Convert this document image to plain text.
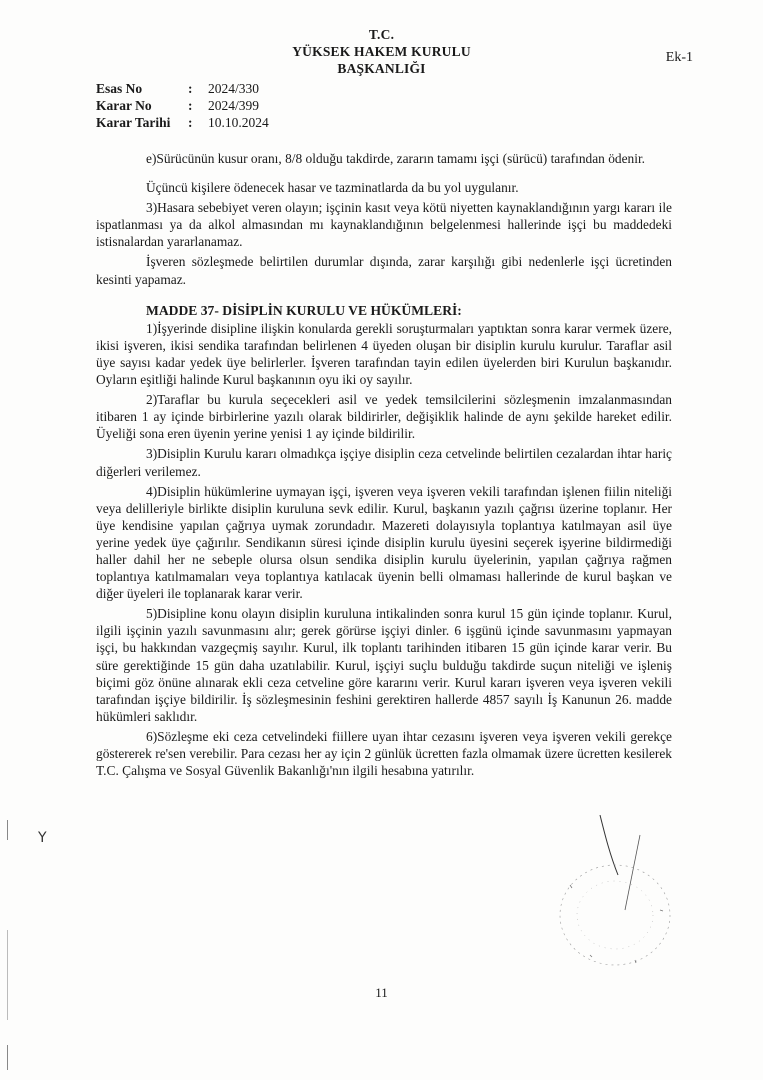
T.C.
YÜKSEK HAKEM KURULU
BAŞKANLIĞI
Ek-1
Esas No	:	2024/330
Karar No	:	2024/399
Karar Tarihi	:	10.10.2024

e)Sürücünün kusur oranı, 8/8 olduğu takdirde, zararın tamamı işçi (sürücü) tarafından ödenir.

Üçüncü kişilere ödenecek hasar ve tazminatlarda da bu yol uygulanır.

3)Hasara sebebiyet veren olayın; işçinin kasıt veya kötü niyetten kaynaklandığının yargı kararı ile ispatlanması ya da alkol almasından mı kaynaklandığının belgelenmesi hallerinde işçi bu maddedeki istisnalardan yararlanamaz.

İşveren sözleşmede belirtilen durumlar dışında, zarar karşılığı gibi nedenlerle işçi ücretinden kesinti yapamaz.

MADDE 37- DİSİPLİN KURULU VE HÜKÜMLERİ:

1)İşyerinde disipline ilişkin konularda gerekli soruşturmaları yaptıktan sonra karar vermek üzere, ikisi işveren, ikisi sendika tarafından belirlenen 4 üyeden oluşan bir disiplin kurulu kurulur. Taraflar asil üye sayısı kadar yedek üye belirlerler. İşveren tarafından tayin edilen üyelerden biri Kurulun başkanıdır. Oyların eşitliği halinde Kurul başkanının oyu iki oy sayılır.

2)Taraflar bu kurula seçecekleri asil ve yedek temsilcilerini sözleşmenin imzalanmasından itibaren 1 ay içinde birbirlerine yazılı olarak bildirirler, değişiklik halinde de aynı şekilde hareket edilir. Üyeliği sona eren üyenin yerine yenisi 1 ay içinde bildirilir.

3)Disiplin Kurulu kararı olmadıkça işçiye disiplin ceza cetvelinde belirtilen cezalardan ihtar hariç diğerleri verilemez.

4)Disiplin hükümlerine uymayan işçi, işveren veya işveren vekili tarafından işlenen fiilin niteliği veya delilleriyle birlikte disiplin kuruluna sevk edilir. Kurul, başkanın yazılı çağrısı üzerine toplanır. Her üye kendisine yapılan çağrıya uymak zorundadır. Mazereti dolayısıyla toplantıya katılmayan asil üye yerine yedek üye çağırılır. Sendikanın süresi içinde disiplin kurulu üyesini seçerek işyerine bildirmediği haller dahil her ne sebeple olursa olsun sendika disiplin kurulu üyelerinin, yapılan çağrıya rağmen toplantıya katılmamaları veya toplantıya katılacak üyenin belli olmaması hallerinde de kurul başkan ve diğer üyeleri ile toplanarak karar verir.

5)Disipline konu olayın disiplin kuruluna intikalinden sonra kurul 15 gün içinde toplanır. Kurul, ilgili işçinin yazılı savunmasını alır; gerek görürse işçiyi dinler. 6 işgünü içinde savunmasını yapmayan işçi, bu hakkından vazgeçmiş sayılır. Kurul, ilk toplantı tarihinden itibaren 15 gün içinde karar verir. Bu süre gerektiğinde 15 gün daha uzatılabilir. Kurul, işçiyi suçlu bulduğu takdirde suçun niteliği ve işleniş biçimi göz önüne alınarak ekli ceza cetveline göre kararını verir. Kurul kararı işveren veya işveren vekili tarafından işçiye bildirilir. İş sözleşmesinin feshini gerektiren hallerde 4857 sayılı İş Kanunun 26. madde hükümleri saklıdır.

6)Sözleşme eki ceza cetvelindeki fiillere uyan ihtar cezasını işveren veya işveren vekili gerekçe göstererek re'sen verebilir. Para cezası her ay için 2 günlük ücretten fazla olmamak üzere ücretten kesilerek T.C. Çalışma ve Sosyal Güvenlik Bakanlığı'nın ilgili hesabına yatırılır.

Y
11
